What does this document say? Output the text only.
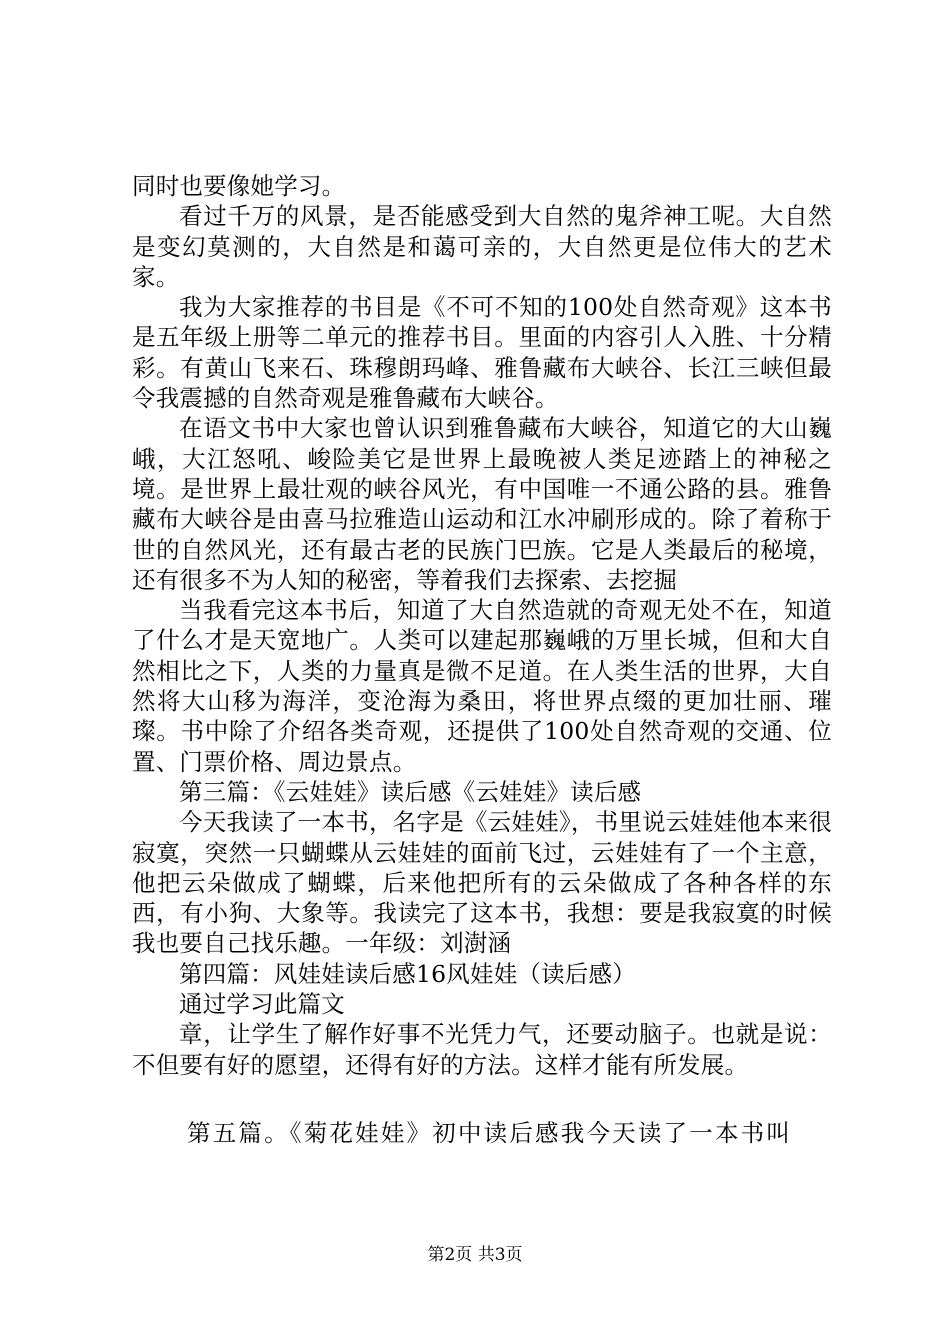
同时也要像她学习。

看过千万的风景，是否能感受到大自然的鬼斧神工呢。大自然是变幻莫测的，大自然是和蔼可亲的，大自然更是位伟大的艺术家。

我为大家推荐的书目是《不可不知的100处自然奇观》这本书是五年级上册等二单元的推荐书目。里面的内容引人入胜、十分精彩。有黄山飞来石、珠穆朗玛峰、雅鲁藏布大峡谷、长江三峡但最令我震撼的自然奇观是雅鲁藏布大峡谷。

在语文书中大家也曾认识到雅鲁藏布大峡谷，知道它的大山巍峨，大江怒吼、峻险美它是世界上最晚被人类足迹踏上的神秘之境。是世界上最壮观的峡谷风光，有中国唯一不通公路的县。雅鲁藏布大峡谷是由喜马拉雅造山运动和江水冲刷形成的。除了着称于世的自然风光，还有最古老的民族门巴族。它是人类最后的秘境，还有很多不为人知的秘密，等着我们去探索、去挖掘

当我看完这本书后，知道了大自然造就的奇观无处不在，知道了什么才是天宽地广。人类可以建起那巍峨的万里长城，但和大自然相比之下，人类的力量真是微不足道。在人类生活的世界，大自然将大山移为海洋，变沧海为桑田，将世界点缀的更加壮丽、璀璨。书中除了介绍各类奇观，还提供了100处自然奇观的交通、位置、门票价格、周边景点。

第三篇：《云娃娃》读后感《云娃娃》读后感

今天我读了一本书，名字是《云娃娃》，书里说云娃娃他本来很寂寞，突然一只蝴蝶从云娃娃的面前飞过，云娃娃有了一个主意，他把云朵做成了蝴蝶，后来他把所有的云朵做成了各种各样的东西，有小狗、大象等。我读完了这本书，我想：要是我寂寞的时候我也要自己找乐趣。一年级：刘澍涵

第四篇：风娃娃读后感16风娃娃（读后感）

通过学习此篇文

章，让学生了解作好事不光凭力气，还要动脑子。也就是说：不但要有好的愿望，还得有好的方法。这样才能有所发展。

第五篇。《菊花娃娃》初中读后感我今天读了一本书叫

第2页 共3页
